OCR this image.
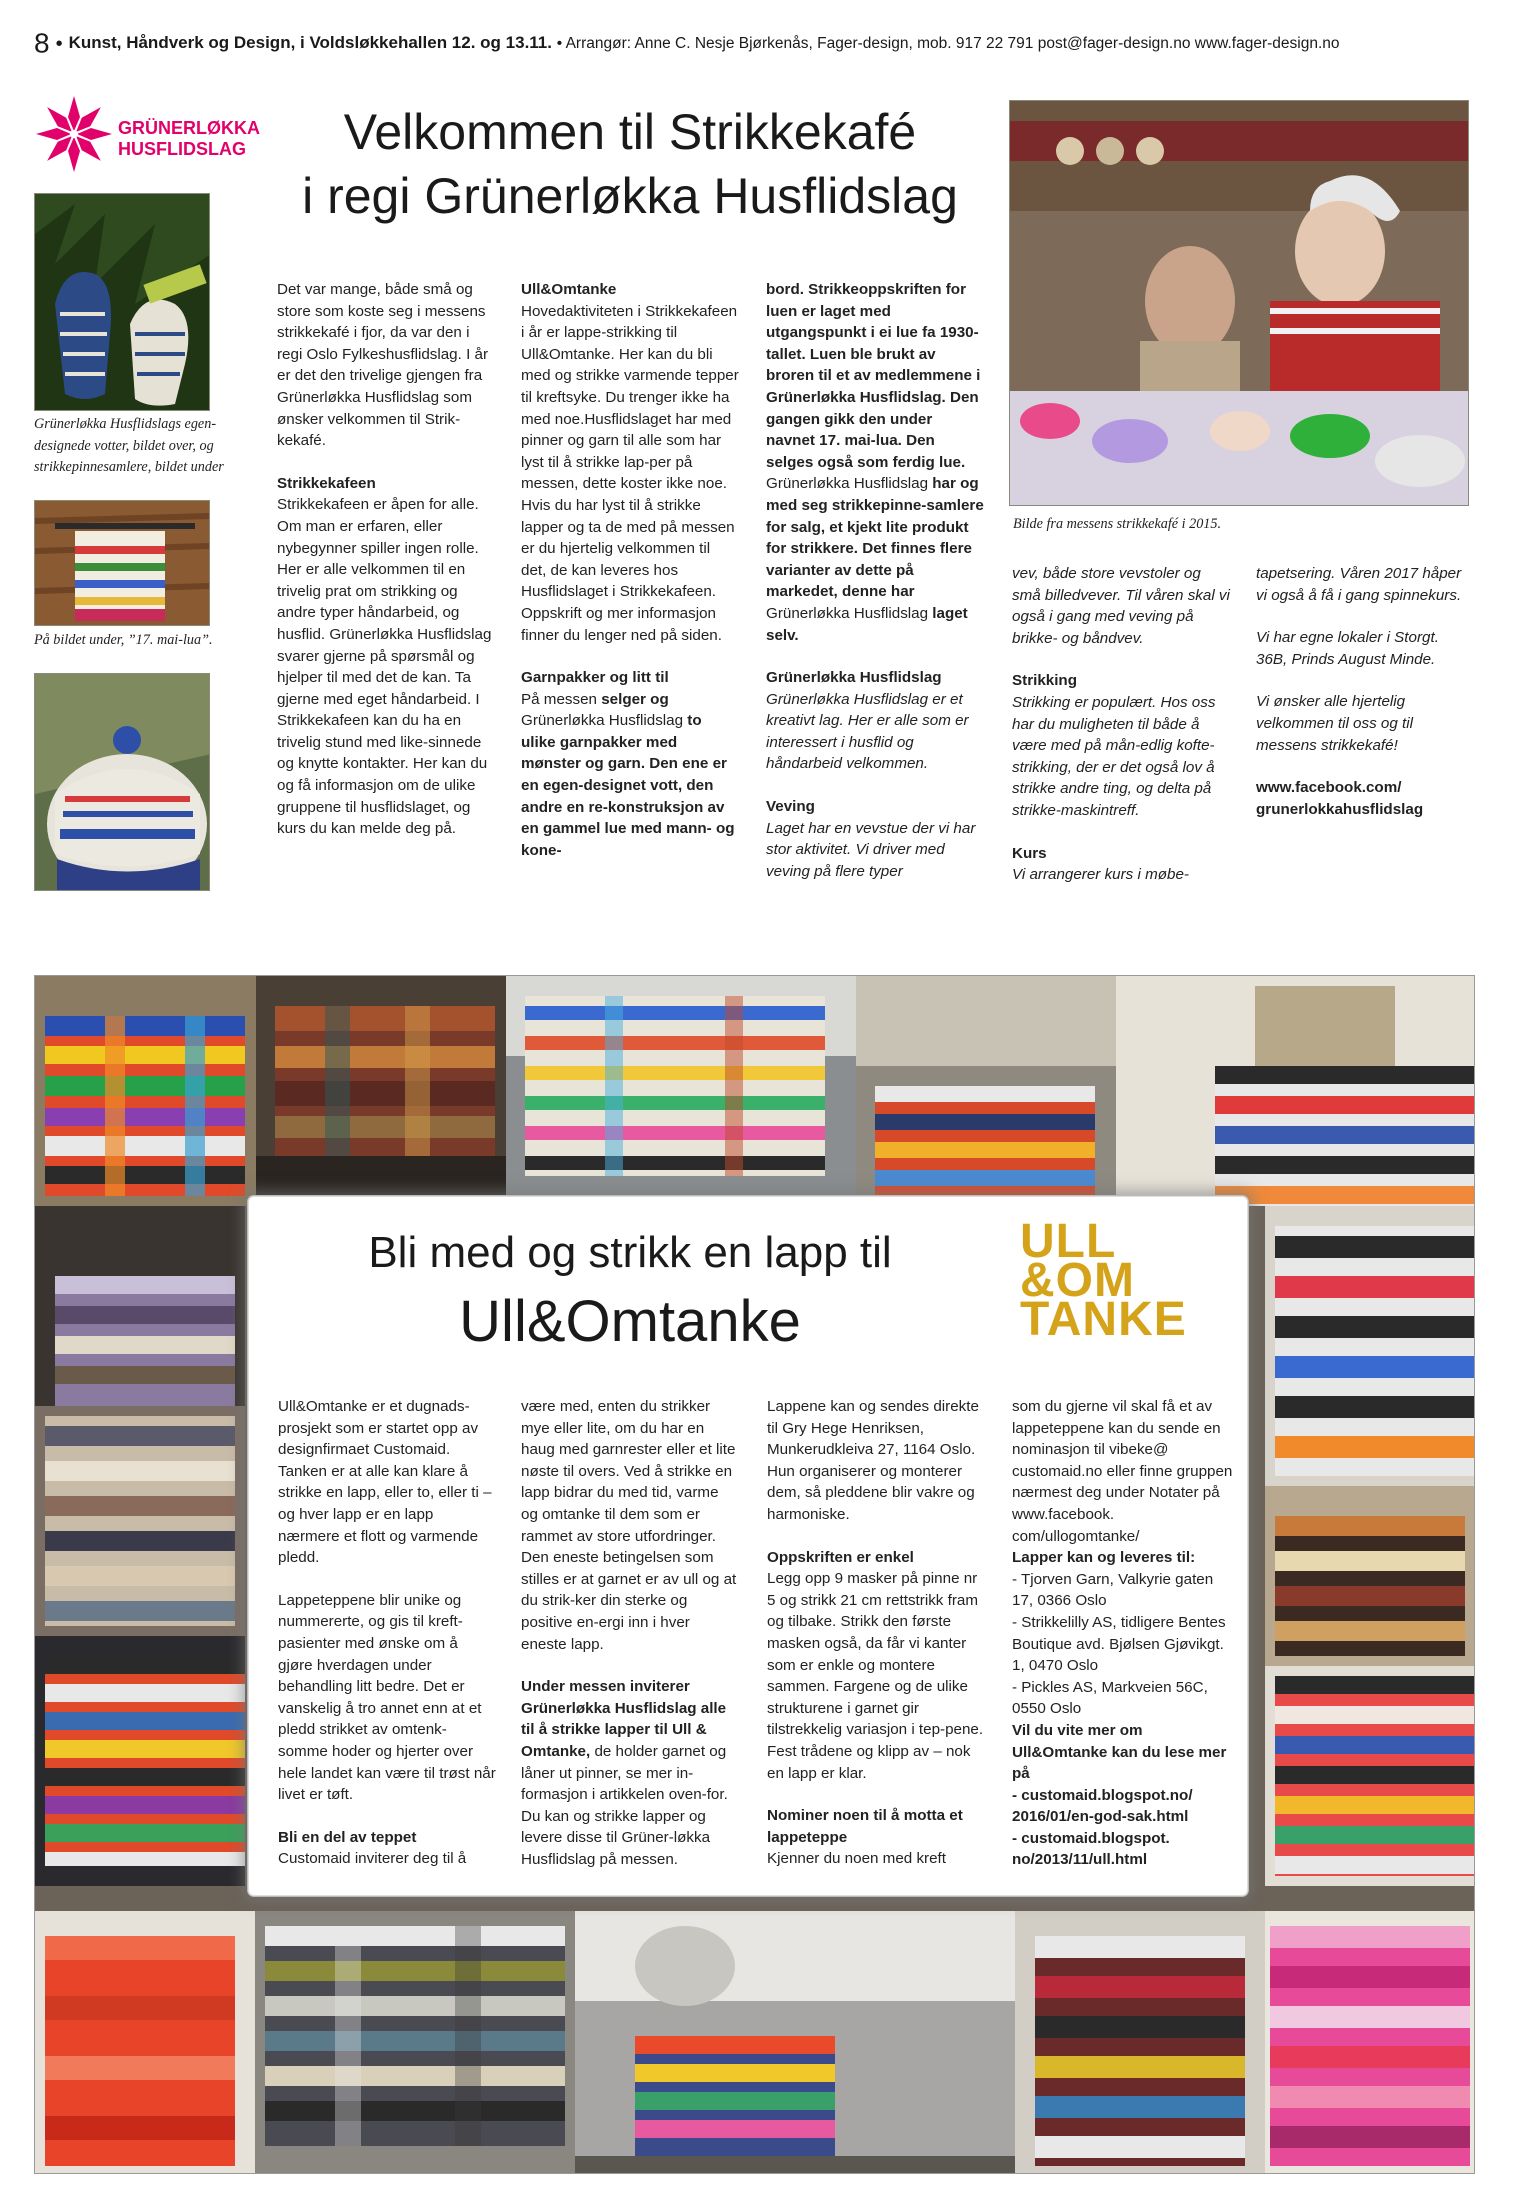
8 • Kunst, Håndverk og Design, i Voldsløkkehallen 12. og 13.11. • Arrangør: Anne C. Nesje Bjørkenås, Fager-design, mob. 917 22 791 post@fager-design.no www.fager-design.no
GRÜNERLØKKA
HUSFLIDSLAG	Velkommen til Strikkekafé
i regi Grünerløkka Husflidslag
Grünerløkka Husflidslags egen-designede votter, bildet over, og strikkepinnesamlere, bildet under
På bildet under, ”17. mai-lua”.

Det var mange, både små og store som koste seg i messens strikkekafé i fjor, da var den i regi Oslo Fylkeshusflidslag. I år er det den trivelige gjengen fra Grünerløkka Husflidslag som ønsker velkommen til Strik-kekafé.

Strikkekafeen

Strikkekafeen er åpen for alle. Om man er erfaren, eller nybegynner spiller ingen rolle. Her er alle velkommen til en trivelig prat om strikking og andre typer håndarbeid, og husflid. Grünerløkka Husflidslag svarer gjerne på spørsmål og hjelper til med det de kan. Ta gjerne med eget håndarbeid. I Strikkekafeen kan du ha en trivelig stund med like-sinnede og knytte kontakter. Her kan du og få informasjon om de ulike gruppene til husflidslaget, og kurs du kan melde deg på.

Ull&Omtanke

Hovedaktiviteten i Strikkekafeen i år er lappe-strikking til Ull&Omtanke. Her kan du bli med og strikke varmende tepper til kreftsyke. Du trenger ikke ha med noe.Husflidslaget har med pinner og garn til alle som har lyst til å strikke lap-per på messen, dette koster ikke noe. Hvis du har lyst til å strikke lapper og ta de med på messen er du hjertelig velkommen til det, de kan leveres hos Husflidslaget i Strikkekafeen. Oppskrift og mer informasjon finner du lenger ned på siden.

Garnpakker og litt til

På messen selger og Grünerløkka Husflidslag to ulike garnpakker med mønster og garn. Den ene er en egen-designet vott, den andre en re-konstruksjon av en gammel lue med mann- og kone-

bord. Strikkeoppskriften for luen er laget med utgangspunkt i ei lue fa 1930-tallet. Luen ble brukt av broren til et av medlemmene i Grünerløkka Husflidslag. Den gangen gikk den under navnet 17. mai-lua. Den selges også som ferdig lue. Grünerløkka Husflidslag har og med seg strikkepinne-samlere for salg, et kjekt lite produkt for strikkere. Det finnes flere varianter av dette på markedet, denne har Grünerløkka Husflidslag laget selv.

Grünerløkka Husflidslag

Grünerløkka Husflidslag er et kreativt lag. Her er alle som er interessert i husflid og håndarbeid velkommen.

Veving

Laget har en vevstue der vi har stor aktivitet. Vi driver med veving på flere typer

Bilde fra messens strikkekafé i 2015.

vev, både store vevstoler og små billedvever. Til våren skal vi også i gang med veving på brikke- og båndvev.

Strikking

Strikking er populært. Hos oss har du muligheten til både å være med på mån-edlig kofte-strikking, der er det også lov å strikke andre ting, og delta på strikke-maskintreff.

Kurs

Vi arrangerer kurs i møbe-

tapetsering. Våren 2017 håper vi også å få i gang spinnekurs.

Vi har egne lokaler i Storgt. 36B, Prinds August Minde.

Vi ønsker alle hjertelig velkommen til oss og til messens strikkekafé!

www.facebook.com/ grunerlokkahusflidslag

Bli med og strikk en lapp til
Ull&Omtanke
ULL
&OM
TANKE

Ull&Omtanke er et dugnads-prosjekt som er startet opp av designfirmaet Customaid. Tanken er at alle kan klare å strikke en lapp, eller to, eller ti – og hver lapp er en lapp nærmere et flott og varmende pledd.

Lappeteppene blir unike og nummererte, og gis til kreft-pasienter med ønske om å gjøre hverdagen under behandling litt bedre. Det er vanskelig å tro annet enn at et pledd strikket av omtenk-somme hoder og hjerter over hele landet kan være til trøst når livet er tøft.

Bli en del av teppet

Customaid inviterer deg til å

være med, enten du strikker mye eller lite, om du har en haug med garnrester eller et lite nøste til overs. Ved å strikke en lapp bidrar du med tid, varme og omtanke til dem som er rammet av store utfordringer. Den eneste betingelsen som stilles er at garnet er av ull og at du strik-ker din sterke og positive en-ergi inn i hver eneste lapp.

Under messen inviterer Grünerløkka Husflidslag alle til å strikke lapper til Ull & Omtanke, de holder garnet og låner ut pinner, se mer in-formasjon i artikkelen oven-for. Du kan og strikke lapper og levere disse til Grüner-løkka Husflidslag på messen.

Lappene kan og sendes direkte til Gry Hege Henriksen, Munkerudkleiva 27, 1164 Oslo. Hun organiserer og monterer dem, så pleddene blir vakre og harmoniske.

Oppskriften er enkel

Legg opp 9 masker på pinne nr 5 og strikk 21 cm rettstrikk fram og tilbake. Strikk den første masken også, da får vi kanter som er enkle og montere sammen. Fargene og de ulike strukturene i garnet gir tilstrekkelig variasjon i tep-pene. Fest trådene og klipp av – nok en lapp er klar.

Nominer noen til å motta et lappeteppe

Kjenner du noen med kreft

som du gjerne vil skal få et av lappeteppene kan du sende en nominasjon til vibeke@ customaid.no eller finne gruppen nærmest deg under Notater på www.facebook. com/ullogomtanke/

Lapper kan og leveres til:

- Tjorven Garn, Valkyrie gaten 17, 0366 Oslo

- Strikkelilly AS, tidligere Bentes Boutique avd. Bjølsen Gjøvikgt. 1, 0470 Oslo

- Pickles AS, Markveien 56C, 0550 Oslo

Vil du vite mer om Ull&Omtanke kan du lese mer på

- customaid.blogspot.no/ 2016/01/en-god-sak.html

- customaid.blogspot. no/2013/11/ull.html
